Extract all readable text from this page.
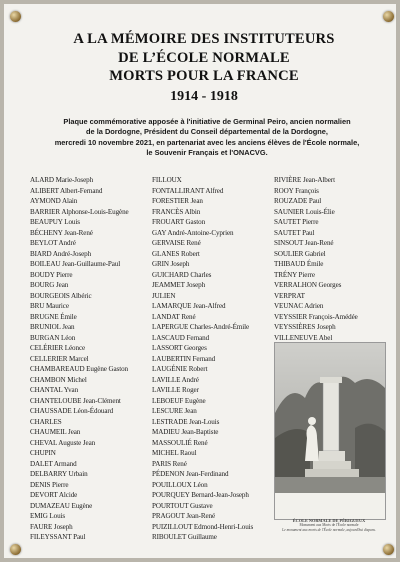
A LA MÉMOIRE DES INSTITUTEURS
DE L’ÉCOLE NORMALE
MORTS POUR LA FRANCE
1914 - 1918
Plaque commémorative apposée à l'initiative de Germinal Peiro, ancien normalien
de la Dordogne, Président du Conseil départemental de la Dordogne,
mercredi 10 novembre 2021, en partenariat avec les anciens élèves de l'École normale,
le Souvenir Français et l'ONACVG.
ALARD Marie-Joseph
ALIBERT Albert-Fernand
AYMOND Alain
BARRIER Alphonse-Louis-Eugène
BEAUPUY Louis
BÉCHENY Jean-René
BEYLOT André
BIARD André-Joseph
BOILEAU Jean-Guillaume-Paul
BOUDY Pierre
BOURG Jean
BOURGEOIS Albéric
BRU Maurice
BRUGNE Émile
BRUNIOL Jean
BURGAN Léon
CELÉRIER Léonce
CELLERIER Marcel
CHAMBAREAUD Eugène Gaston
CHAMBON Michel
CHANTAL Yvan
CHANTELOUBE Jean-Clément
CHAUSSADE Léon-Édouard
CHARLES
CHAUMEIL Jean
CHEVAL Auguste Jean
CHUPIN
DALET Armand
DELBARRY Urbain
DENIS Pierre
DEVORT Alcide
DUMAZEAU Eugène
EMIG Louis
FAURE Joseph
FILEYSSANT Paul
FILLOUX
FONTALLIRANT Alfred
FORESTIER Jean
FRANCÈS Albin
FROUART Gaston
GAY André-Antoine-Cyprien
GERVAISE René
GLANES Robert
GRIN Joseph
GUICHARD Charles
JEAMMET Joseph
JULIEN
LAMARQUE Jean-Alfred
LANDAT René
LAPERGUE Charles-André-Émile
LASCAUD Fernand
LASSORT Georges
LAUBERTIN Fernand
LAUGÉNIE Robert
LAVILLE André
LAVILLE Roger
LEBOEUF Eugène
LESCURE Jean
LESTRADE Jean-Louis
MADIEU Jean-Baptiste
MASSOULIÉ René
MICHEL Raoul
PARIS René
PÉDENON Jean-Ferdinand
POUILLOUX Léon
POURQUEY Bernard-Jean-Joseph
POURTOUT Gustave
PRAGOUT Jean-René
PUIZILLOUT Edmond-Henri-Louis
RIBOULET Guillaume
RIVIÈRE Jean-Albert
ROOY François
ROUZADE Paul
SAUNIER Louis-Élie
SAUTET Pierre
SAUTET Paul
SINSOUT Jean-René
SOULIER Gabriel
THIBAUD Émile
TRÉNY Pierre
VERRALHON Georges
VERPRAT
VEUNAC Adrien
VEYSSIER François-Amédée
VEYSSIÈRES Joseph
VILLENEUVE Abel
ÉCOLE NORMALE DE PÉRIGUEUX
Monument aux Morts de l'École normale
Le monument aux morts de l'École normale, aujourd'hui disparu.
